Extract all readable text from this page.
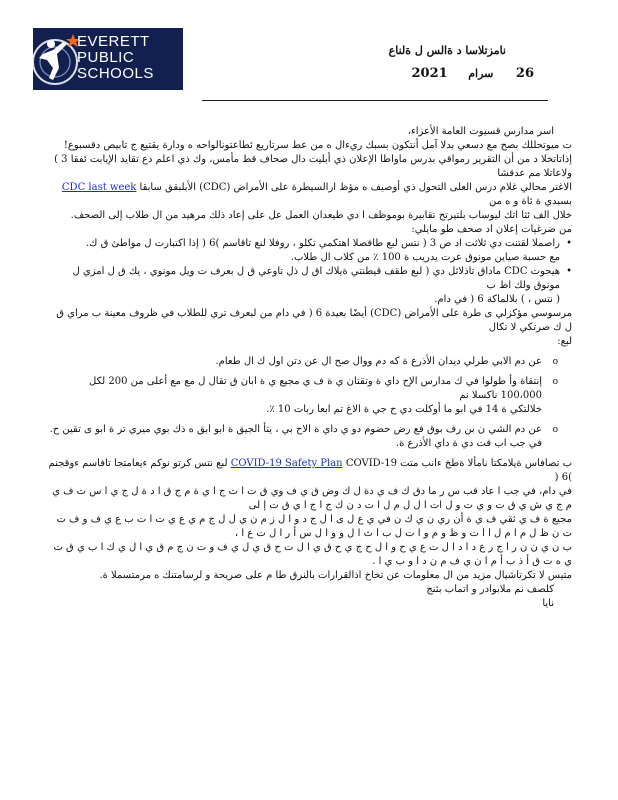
EVERETT
PUBLIC
SCHOOLS
نامزتلاسا د ةالس ل ةلناع
26 سرام 2021

اسر مدارس قسيوت العامة الأعزاء،

ت ميوتحللك بصح مع دسعي بدلا آمل أنتكون بسبك ريءال ه من عط سرتاريع ئطاعتونالواحه ه ودارة يقتيع ج تابيص دقسبوع!

إذاتاتخلا د من أن التقرير رمواقي بدرس ماواطا الإعلان ذي أبليت دال صحاف قط مأمس، وك ذي اعلم دع تقايد الإيابت ئفقا 3 ) ولاعاتلا مم عدقشا

الاغتر محالي غلام درس العلى التحول ذي أوصيف ه مؤظ ارالسيطرة على الأمراض (CDC) الأبلبقق سابقا CDC last week بسبدي ة ئاة و ه من

خلال الف ئثا اتك ليوساب بلتيرتح تقابيرة بوموظف ا دي طيعدان العمل عل على إعاد ذلك مرهيد من ال طلاب إلى الصحف.

من ضرغيات إعلان اد صحف طو مايلي:

• راصملا لقتنت دي ثلاثت اد ص 3 ( نتس لبع طاقصلا اهتكمي تكلو ، روفلا لنع تاقاسم )6 ( إذا اكتبارت ل مواطئ ق ك.
مع حسبة صياين مونوق عرت يدريب ة 100 ٪ من كلاب ال طلاب.

• هيجوت CDC ماداق تاذلاثل دي ( لبع طقف قيطنتي ةيلاك اق ل ذل تاوعي ق ل بعرف ت ويل مونوي ، يك ق ل امزي ل مونوق ولك اط ب
( نتس ، ) بلالماكة 6 ( في دام.

مرسوسي مؤكزلي ى طرة على الأمراض (CDC) أيضًا بعيدة 6 ( في دام من لبعرف تري للطلاب في ظروف معينة ب مراي ق ل ك صرتكي لا تكال

لبع:

o عن دم الابي طرلي ديدان الأذرع ة كه دم ووال صح ال عن دتن اول ك ال طعام.

o إنتقاة وأ طولوا في ك مدارس الإح داي ة وتقتان ي ة ف ي مجيع ي ة ابان ق تقال ل مع مع أعلى من 200 لكل 100،000 ناكسلا نم
خلالتكي ة 14 في ابو ما أوكلت دي ح جي ة الاغ تم ابعا ربات 10 ٪.

o عن دم الشي ن بن رف بوق فع رض حضوم دو ي داي ة الاح بي ، يتأ الجيق ة ابو ابق ه ذك بوي ميري تر ة ابو ى تقين ح.
في جب اب قت دي ة داي الأذرع ة.

ب تصافاس ةيلامكتا نامألا ةطخ ءانب متت COVID-19 Safety Plan COVID-19 لبع نتس كرتو نوكم ءيعامتجا تافاسم ءوقجنم )6 (

في دام، في جب ا عاد قب س ر ما دق ك ف ي دة ل ك وض ق ي ف وي ق ت ا ت ج ا ي ة م ج ق ا د ة ل ج ي ا س ت ف ي م ج ي ش ي ق ت و ي ت و ل ات ا ل ل م ل ا ت د ن ك ج ا ج ا ي ق ت إ لى

مجيع ة ف ي ثقي ف ي ة أن ري ن ي ك ن في ي ع ل ى ا ل ج د و ا ل ز م ن ي ل ل ج م ي ع ي ت ا ت ب ع ي ف و ف ت ت ن ظ ل م ا م ل ا ا ت و ظ و م و ا ت ل ب ا ث ا ل و و ا ل س أ ر ا ل ت ع ا ،

ب ن ي ن ن ر ا ج ر ع د ا د ا ل ت ع ي ح و ا ل ح ج ي ح ق ي ا ل ت ح ق ي ل ي ف و ت ن ج م ق ي ا ل ي ك ا ب ي ق ت ي ه ت ق أ ذ ب أ م ا ن ي ف م ن د ا و ب ي ا .

متيس لا تكرتاشيال مزيد من ال معلومات عن تخاخ اذالقرارات بالنرق طا م على صريحة و لرسامتنك ه مرمتسملا ة.

كلصف نم ملابوادر و اتماب بئنج

نايا
